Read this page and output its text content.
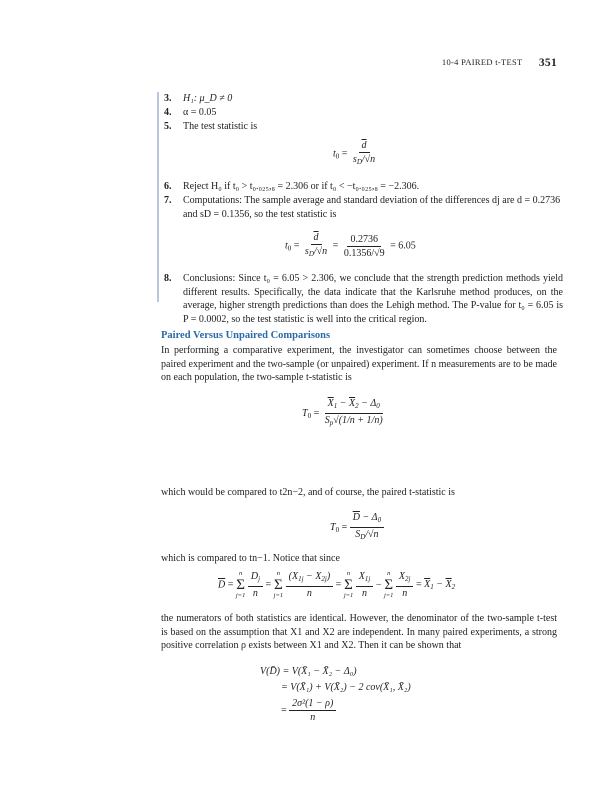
10-4 PAIRED t-TEST 351
3. H₁: μ_D ≠ 0
4. α = 0.05
5. The test statistic is
$t_0 = \frac{\overline{d}}{s_D/√n}$
6. Reject H₀ if t₀ > t₀.₀₂₅,₈ = 2.306 or if t₀ < −t₀.₀₂₅,₈ = −2.306.
7. Computations: The sample average and standard deviation of the differences dj are d = 0.2736 and sD = 0.1356, so the test statistic is
$t_0 = \frac{\overline{d}}{s_D/√n} = \frac{0.2736}{0.1356/√9} = 6.05$
8. Conclusions: Since t₀ = 6.05 > 2.306, we conclude that the strength prediction methods yield different results. Specifically, the data indicate that the Karlsruhe method produces, on the average, higher strength predictions than does the Lehigh method. The P-value for t₀ = 6.05 is P = 0.0002, so the test statistic is well into the critical region.
Paired Versus Unpaired Comparisons
In performing a comparative experiment, the investigator can sometimes choose between the paired experiment and the two-sample (or unpaired) experiment. If n measurements are to be made on each population, the two-sample t-statistic is
$T_0 = \frac{\overline{X}_1 - \overline{X}_2 - \Delta_0}{S_p√(1/n + 1/n)}$
which would be compared to t2n−2, and of course, the paired t-statistic is
$T_0 = \frac{\overline{D} - \Delta_0}{S_D/√n}$
which is compared to tn−1. Notice that since
$\overline{D}$ =
n
Σ
j=1
$\frac{D_j}{n}$ =
n
Σ
j=1
$\frac{(X_{1j} - X_{2j})}{n}$ =
n
Σ
j=1
$\frac{X_{1j}}{n}$ −
n
Σ
j=1
$\frac{X_{2j}}{n} = \overline{X}_1 - \overline{X}_2$
the numerators of both statistics are identical. However, the denominator of the two-sample t-test is based on the assumption that X1 and X2 are independent. In many paired experiments, a strong positive correlation ρ exists between X1 and X2. Then it can be shown that
V(D̄) = V(X̄₁ − X̄₂ − Δ₀)
= V(X̄₁) + V(X̄₂) − 2 cov(X̄₁, X̄₂)
= $\frac{\text{2σ²(1 − ρ)}}{n}$
